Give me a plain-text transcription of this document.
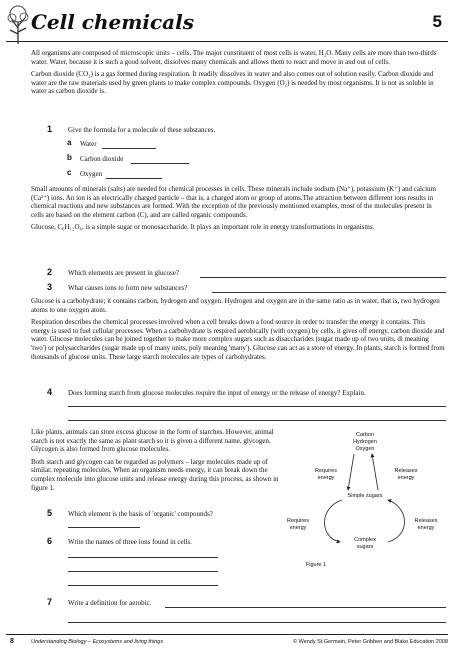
Cell chemicals	5

All organisms are composed of microscopic units – cells. The major constituent of most cells is water, H₂O. Many cells are more than two-thirds water. Water, because it is such a good solvent, dissolves many chemicals and allows them to react and move in and out of cells.

Carbon dioxide (CO₂) is a gas formed during respiration. It readily dissolves in water and also comes out of solution easily. Carbon dioxide and water are the raw materials used by green plants to make complex compounds. Oxygen (O₂) is needed by most organisms. It is not as soluble in water as carbon dioxide is.

1 Give the formula for a molecule of these substances.
a Water
b Carbon dioxide
c Oxygen

Small amounts of minerals (salts) are needed for chemical processes in cells. These minerals include sodium (Na⁺), potassium (K⁺) and calcium (Ca²⁺) ions. An ion is an electrically charged particle – that is, a charged atom or group of atoms.The attraction between different ions results in chemical reactions and new substances are formed. With the exception of the previously mentioned examples, most of the molecules present in cells are based on the element carbon (C), and are called organic compounds.

Glucose, C₆H₁₂O₆, is a simple sugar or monosaccharide. It plays an important role in energy transformations in organisms.

2 Which elements are present in glucose?
3 What causes ions to form new substances?

Glucose is a carbohydrate; it contains carbon, hydrogen and oxygen. Hydrogen and oxygen are in the same ratio as in water, that is, two hydrogen atoms to one oxygen atom.

Respiration describes the chemical processes involved when a cell breaks down a food source in order to transfer the energy it contains. This energy is used to fuel cellular processes. When a carbohydrate is respired aerobically (with oxygen) by cells, it gives off energy, carbon dioxide and water. Glucose molecules can be joined together to make more complex sugars such as disaccharides (sugar made up of two units, di meaning 'two') or polysaccharides (sugar made up of many units, poly meaning 'many'). Glucose can act as a store of energy. In plants, starch is formed from thousands of glucose units. These large starch molecules are types of carbohydrates.

4 Does forming starch from glucose molecules require the input of energy or the release of energy? Explain.

Like plants, animals can store excess glucose in the form of starches. However, animal starch is not exactly the same as plant starch so it is given a different name, glycogen. Glycogen is also formed from glucose molecules.

Both starch and glycogen can be regarded as polymers – large molecules made up of similar, repeating molecules. When an organism needs energy, it can break down the complex molecule into glucose units and release energy during this process, as shown in figure 1.

5 Which element is the basis of 'organic' compounds?
6 Write the names of three ions found in cells.
7 Write a definition for aerobic.
Carbon
Hydrogen
Oxygen
Requires
energy
Releases
energy
Simple sugars
Requires
energy
Releases
energy
Complex
sugars
Figure 1
8	Understanding Biology – Ecosystems and living things	© Wendy St Germain, Peter Gribben and Blake Education 2008
